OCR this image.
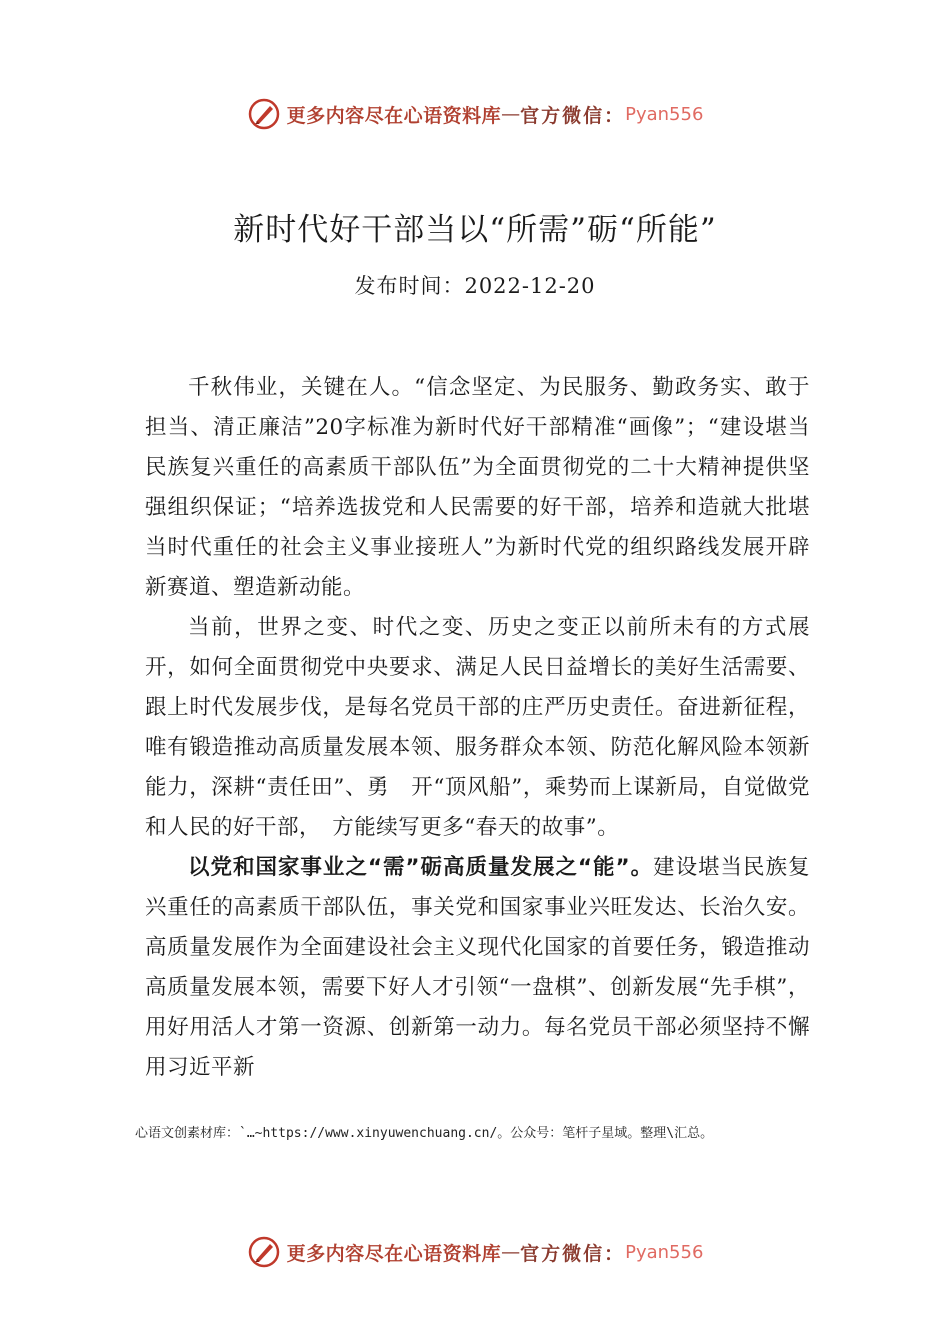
更多内容尽在心语资料库 — 官方微信： Pyan556
新时代好干部当以“所需”砺“所能”
发布时间：2022-12-20

千秋伟业，关键在人。“信念坚定、为民服务、勤政务实、敢于担当、清正廉洁”20字标准为新时代好干部精准“画像”；“建设堪当民族复兴重任的高素质干部队伍”为全面贯彻党的二十大精神提供坚强组织保证；“培养选拔党和人民需要的好干部，培养和造就大批堪当时代重任的社会主义事业接班人”为新时代党的组织路线发展开辟新赛道、塑造新动能。

当前，世界之变、时代之变、历史之变正以前所未有的方式展开，如何全面贯彻党中央要求、满足人民日益增长的美好生活需要、跟上时代发展步伐，是每名党员干部的庄严历史责任。奋进新征程，唯有锻造推动高质量发展本领、服务群众本领、防范化解风险本领新能力，深耕“责任田”、勇　开“顶风船”，乘势而上谋新局，自觉做党和人民的好干部，　方能续写更多“春天的故事”。

以党和国家事业之“需”砺高质量发展之“能”。建设堪当民族复兴重任的高素质干部队伍，事关党和国家事业兴旺发达、长治久安。高质量发展作为全面建设社会主义现代化国家的首要任务，锻造推动高质量发展本领，需要下好人才引领“一盘棋”、创新发展“先手棋”，用好用活人才第一资源、创新第一动力。每名党员干部必须坚持不懈用习近平新

心语文创素材库：`…~https://www.xinyuwenchuang.cn/。公众号：笔杆子星域。整理\汇总。
更多内容尽在心语资料库 — 官方微信： Pyan556
